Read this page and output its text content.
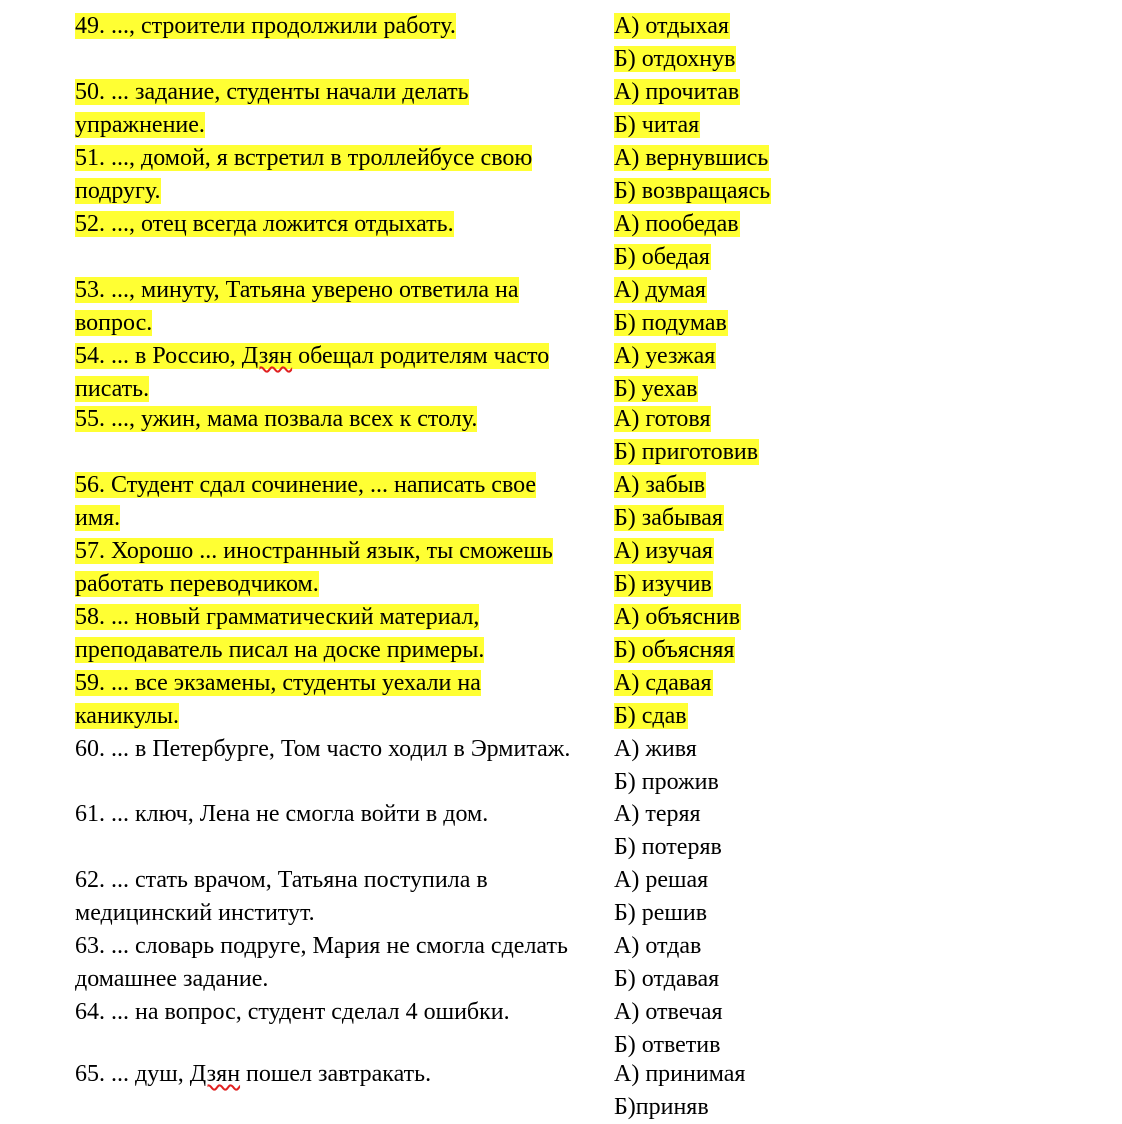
49. ..., строители продолжили работу.	А) отдыхая
Б) отдохнув
50. ... задание, студенты начали делать упражнение.
А) прочитав
Б) читая
51. ..., домой, я встретил в троллейбусе свою подругу.
А) вернувшись
Б) возвращаясь
52. ..., отец всегда ложится отдыхать.	А) пообедав
Б) обедая
53. ..., минуту, Татьяна уверено ответила на вопрос.
А) думая
Б) подумав
54. ... в Россию, Дзян обещал родителям часто писать.
А) уезжая
Б) уехав
55. ..., ужин, мама позвала всех к столу.	А) готовя
Б) приготовив
56. Студент сдал сочинение, ... написать свое имя.
А) забыв
Б) забывая
57. Хорошо ... иностранный язык, ты сможешь работать переводчиком.
А) изучая
Б) изучив
58. ... новый грамматический материал, преподаватель писал на доске примеры.
А) объяснив
Б) объясняя
59. ... все экзамены, студенты уехали на каникулы.
А) сдавая
Б) сдав
60. ... в Петербурге, Том часто ходил в Эрмитаж.	А) живя
Б) прожив
61. ... ключ, Лена не смогла войти в дом.	А) теряя
Б) потеряв
62. ... стать врачом, Татьяна поступила в медицинский институт.
А) решая
Б) решив
63. ... словарь подруге, Мария не смогла сделать домашнее задание.
А) отдав
Б) отдавая
64. ... на вопрос, студент сделал 4 ошибки.	А) отвечая
Б) ответив
65. ... душ, Дзян пошел завтракать.	А) принимая
Б)приняв
